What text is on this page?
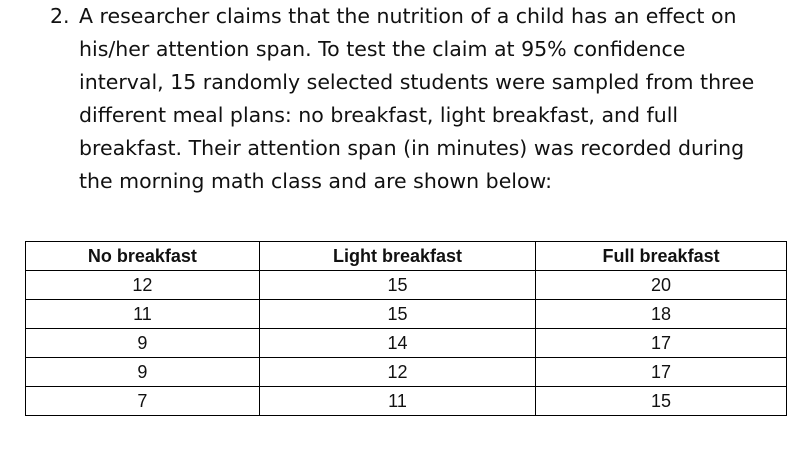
2. A researcher claims that the nutrition of a child has an effect on
his/her attention span. To test the claim at 95% confidence
interval, 15 randomly selected students were sampled from three
different meal plans: no breakfast, light breakfast, and full
breakfast. Their attention span (in minutes) was recorded during
the morning math class and are shown below:
No breakfast	Light breakfast	Full breakfast
12	15	20
11	15	18
9	14	17
9	12	17
7	11	15
